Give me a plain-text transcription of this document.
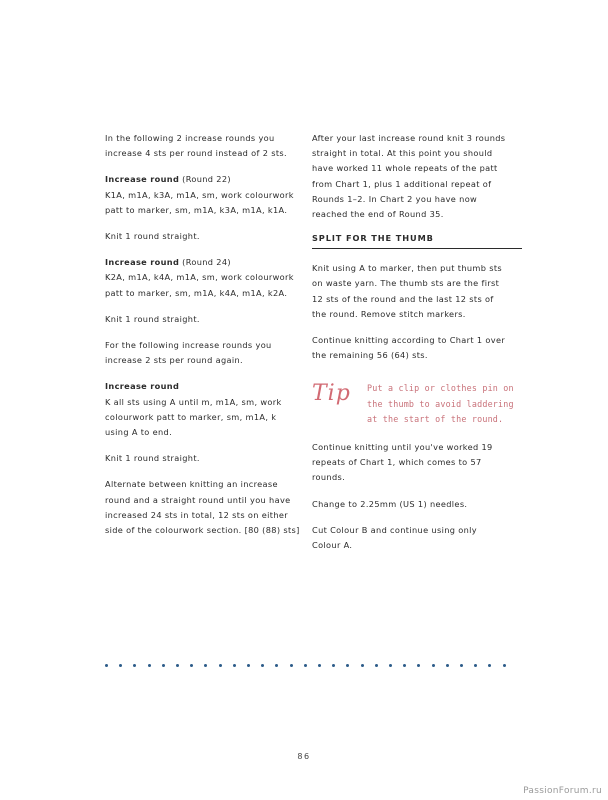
In the following 2 increase rounds you increase 4 sts per round instead of 2 sts.

Increase round (Round 22)
K1A, m1A, k3A, m1A, sm, work colourwork patt to marker, sm, m1A, k3A, m1A, k1A.

Knit 1 round straight.

Increase round (Round 24)
K2A, m1A, k4A, m1A, sm, work colourwork patt to marker, sm, m1A, k4A, m1A, k2A.

Knit 1 round straight.

For the following increase rounds you increase 2 sts per round again.

Increase round
K all sts using A until m, m1A, sm, work colourwork patt to marker, sm, m1A, k using A to end.

Knit 1 round straight.

Alternate between knitting an increase round and a straight round until you have increased 24 sts in total, 12 sts on either side of the colourwork section. [80 (88) sts]

After your last increase round knit 3 rounds straight in total. At this point you should have worked 11 whole repeats of the patt from Chart 1, plus 1 additional repeat of Rounds 1–2. In Chart 2 you have now reached the end of Round 35.

SPLIT FOR THE THUMB

Knit using A to marker, then put thumb sts on waste yarn. The thumb sts are the first 12 sts of the round and the last 12 sts of the round. Remove stitch markers.

Continue knitting according to Chart 1 over the remaining 56 (64) sts.

Tip Put a clip or clothes pin on the thumb to avoid laddering at the start of the round.

Continue knitting until you've worked 19 repeats of Chart 1, which comes to 57 rounds.

Change to 2.25mm (US 1) needles.

Cut Colour B and continue using only Colour A.

86
PassionForum.ru
